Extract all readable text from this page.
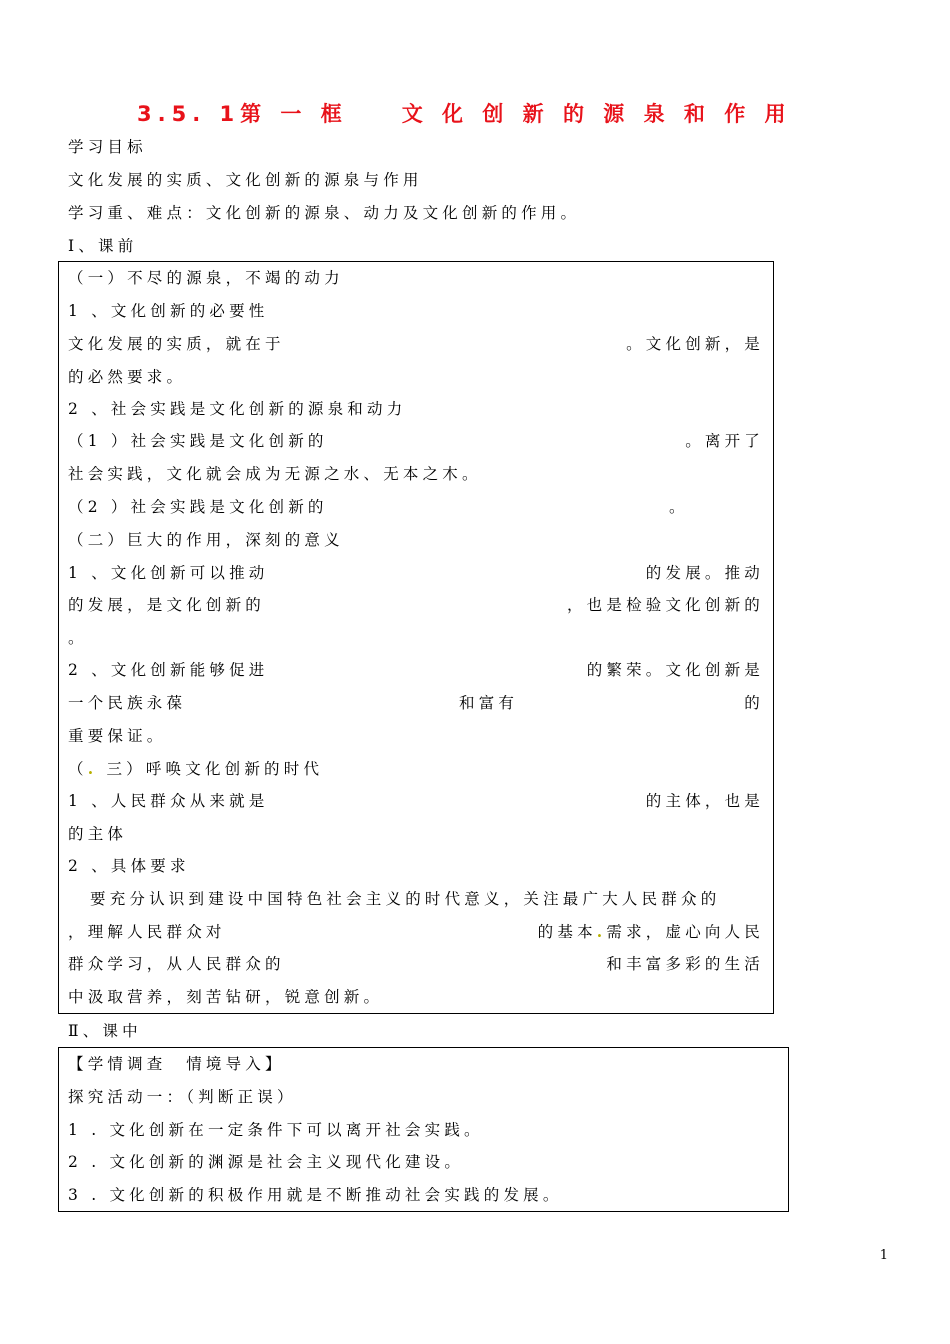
3.5. 1第 一 框	文 化 创 新 的 源 泉 和 作 用
学习目标
文化发展的实质、文化创新的源泉与作用
学习重、难点：文化创新的源泉、动力及文化创新的作用。
Ⅰ、课前
（一）不尽的源泉，不竭的动力
1 、文化创新的必要性
文化发展的实质，就在于	。文化创新，是
的必然要求。
2 、社会实践是文化创新的源泉和动力
（1 ）社会实践是文化创新的	。离开了
社会实践，文化就会成为无源之水、无本之木。
（2 ）社会实践是文化创新的	。
（二）巨大的作用，深刻的意义
1 、文化创新可以推动	的发展。推动
的发展，是文化创新的	，也是检验文化创新的
。
2 、文化创新能够促进	的繁荣。文化创新是
一个民族永葆	和富有	的
重要保证。
（. 三）呼唤文化创新的时代
1 、人民群众从来就是	的主体，也是
的主体
2 、具体要求
要充分认识到建设中国特色社会主义的时代意义，关注最广大人民群众的
，理解人民群众对	的基本.需求，虚心向人民
群众学习，从人民群众的	和丰富多彩的生活
中汲取营养，刻苦钻研，锐意创新。
Ⅱ、课中
【学情调查　情境导入】
探究活动一：（判断正误）
1 . 文化创新在一定条件下可以离开社会实践。
2 . 文化创新的渊源是社会主义现代化建设。
3 . 文化创新的积极作用就是不断推动社会实践的发展。
1
